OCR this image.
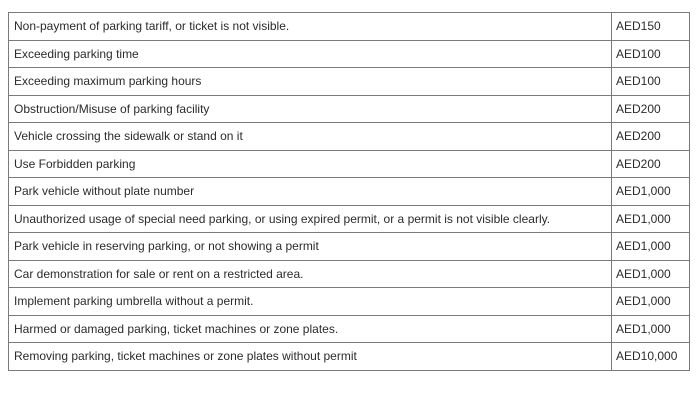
Non-payment of parking tariff, or ticket is not visible.	AED150
Exceeding parking time	AED100
Exceeding maximum parking hours	AED100
Obstruction/Misuse of parking facility	AED200
Vehicle crossing the sidewalk or stand on it	AED200
Use Forbidden parking	AED200
Park vehicle without plate number	AED1,000
Unauthorized usage of special need parking, or using expired permit, or a permit is not visible clearly.	AED1,000
Park vehicle in reserving parking, or not showing a permit	AED1,000
Car demonstration for sale or rent on a restricted area.	AED1,000
Implement parking umbrella without a permit.	AED1,000
Harmed or damaged parking, ticket machines or zone plates.	AED1,000
Removing parking, ticket machines or zone plates without permit	AED10,000
